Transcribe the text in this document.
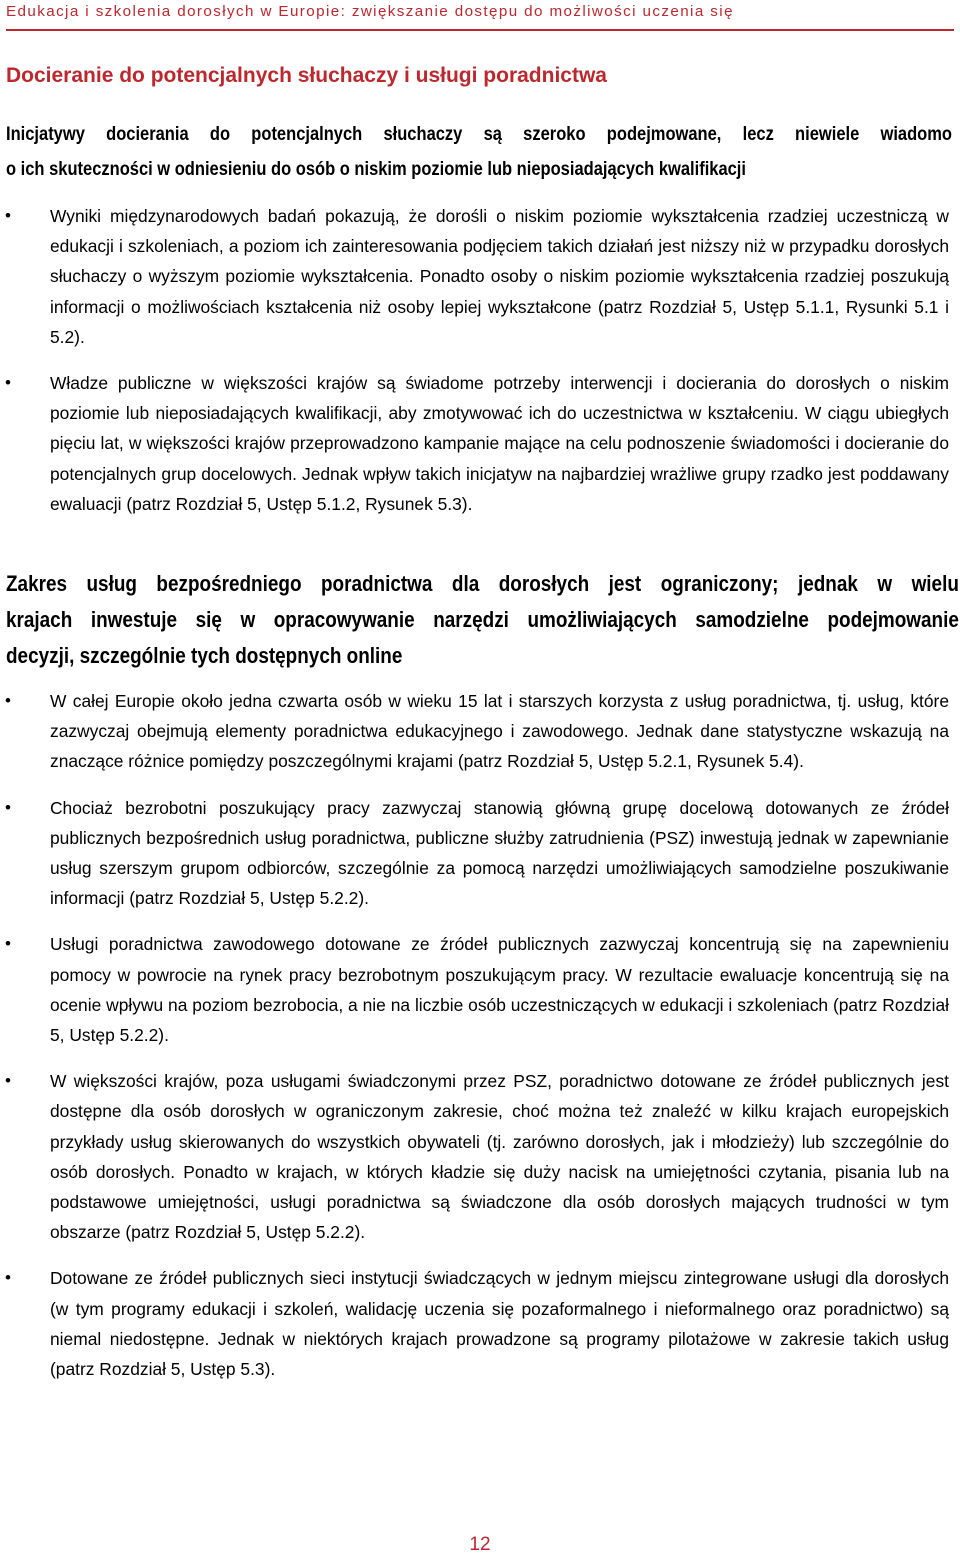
Edukacja i szkolenia dorosłych w Europie: zwiększanie dostępu do możliwości uczenia się
Docieranie do potencjalnych słuchaczy i usługi poradnictwa
Inicjatywy docierania do potencjalnych słuchaczy są szeroko podejmowane, lecz niewiele wiadomo
o ich skuteczności w odniesieniu do osób o niskim poziomie lub nieposiadających kwalifikacji
• Wyniki międzynarodowych badań pokazują, że dorośli o niskim poziomie wykształcenia rzadziej uczestniczą w edukacji i szkoleniach, a poziom ich zainteresowania podjęciem takich działań jest niższy niż w przypadku dorosłych słuchaczy o wyższym poziomie wykształcenia. Ponadto osoby o niskim poziomie wykształcenia rzadziej poszukują informacji o możliwościach kształcenia niż osoby lepiej wykształcone (patrz Rozdział 5, Ustęp 5.1.1, Rysunki 5.1 i 5.2).
• Władze publiczne w większości krajów są świadome potrzeby interwencji i docierania do dorosłych o niskim poziomie lub nieposiadających kwalifikacji, aby zmotywować ich do uczestnictwa w kształceniu. W ciągu ubiegłych pięciu lat, w większości krajów przeprowadzono kampanie mające na celu podnoszenie świadomości i docieranie do potencjalnych grup docelowych. Jednak wpływ takich inicjatyw na najbardziej wrażliwe grupy rzadko jest poddawany ewaluacji (patrz Rozdział 5, Ustęp 5.1.2, Rysunek 5.3).
Zakres usług bezpośredniego poradnictwa dla dorosłych jest ograniczony; jednak w wielu
krajach inwestuje się w opracowywanie narzędzi umożliwiających samodzielne podejmowanie
decyzji, szczególnie tych dostępnych online
• W całej Europie około jedna czwarta osób w wieku 15 lat i starszych korzysta z usług poradnictwa, tj. usług, które zazwyczaj obejmują elementy poradnictwa edukacyjnego i zawodowego. Jednak dane statystyczne wskazują na znaczące różnice pomiędzy poszczególnymi krajami (patrz Rozdział 5, Ustęp 5.2.1, Rysunek 5.4).
• Chociaż bezrobotni poszukujący pracy zazwyczaj stanowią główną grupę docelową dotowanych ze źródeł publicznych bezpośrednich usług poradnictwa, publiczne służby zatrudnienia (PSZ) inwestują jednak w zapewnianie usług szerszym grupom odbiorców, szczególnie za pomocą narzędzi umożliwiających samodzielne poszukiwanie informacji (patrz Rozdział 5, Ustęp 5.2.2).
• Usługi poradnictwa zawodowego dotowane ze źródeł publicznych zazwyczaj koncentrują się na zapewnieniu pomocy w powrocie na rynek pracy bezrobotnym poszukującym pracy. W rezultacie ewaluacje koncentrują się na ocenie wpływu na poziom bezrobocia, a nie na liczbie osób uczestniczących w edukacji i szkoleniach (patrz Rozdział 5, Ustęp 5.2.2).
• W większości krajów, poza usługami świadczonymi przez PSZ, poradnictwo dotowane ze źródeł publicznych jest dostępne dla osób dorosłych w ograniczonym zakresie, choć można też znaleźć w kilku krajach europejskich przykłady usług skierowanych do wszystkich obywateli (tj. zarówno dorosłych, jak i młodzieży) lub szczególnie do osób dorosłych. Ponadto w krajach, w których kładzie się duży nacisk na umiejętności czytania, pisania lub na podstawowe umiejętności, usługi poradnictwa są świadczone dla osób dorosłych mających trudności w tym obszarze (patrz Rozdział 5, Ustęp 5.2.2).
• Dotowane ze źródeł publicznych sieci instytucji świadczących w jednym miejscu zintegrowane usługi dla dorosłych (w tym programy edukacji i szkoleń, walidację uczenia się pozaformalnego i nieformalnego oraz poradnictwo) są niemal niedostępne. Jednak w niektórych krajach prowadzone są programy pilotażowe w zakresie takich usług (patrz Rozdział 5, Ustęp 5.3).
12
